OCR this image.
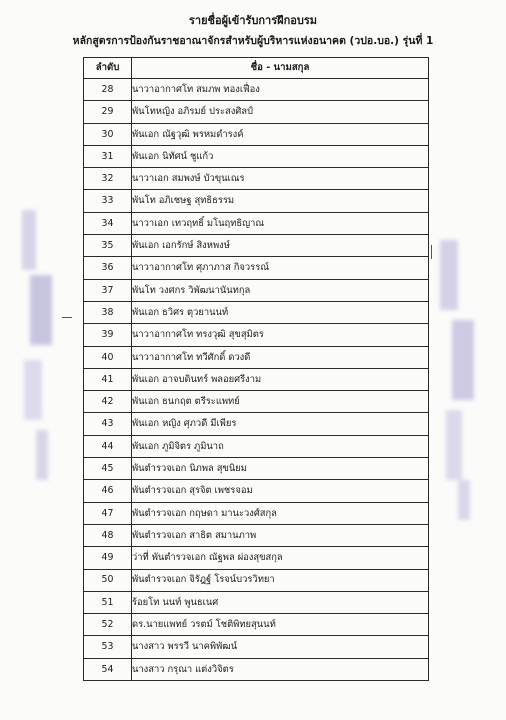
รายชื่อผู้เข้ารับการฝึกอบรม
หลักสูตรการป้องกันราชอาณาจักรสำหรับผู้บริหารแห่งอนาคต (วปอ.บอ.) รุ่นที่ 1
ลำดับ	ชื่อ - นามสกุล
28	นาวาอากาศโท สมภพ ทองเฟื่อง
29	พันโทหญิง อภิรมย์ ประสงศิลป์
30	พันเอก ณัฐวุฒิ พรหมดำรงค์
31	พันเอก นิทัศน์ ชูแก้ว
32	นาวาเอก สมพงษ์ บัวขุนเณร
33	พันโท อภิเชษฐ สุทธิธรรม
34	นาวาเอก เทวฤทธิ์ มโนฤทธิญาณ
35	พันเอก เอกรักษ์ สิงหพงษ์
36	นาวาอากาศโท ศุภาภาส กิจวรรณ์
37	พันโท วงศกร วิพัฒนานันทกุล
38	พันเอก ธวิศร ตุวยานนท์
39	นาวาอากาศโท ทรงวุฒิ สุขสุมิตร
40	นาวาอากาศโท ทวีศักดิ์ ดวงดี
41	พันเอก อาจบดินทร์ พลอยศรีงาม
42	พันเอก ธนกฤต ตรีระแพทย์
43	พันเอก หญิง ศุภวดี มีเพียร
44	พันเอก ภูมิจิตร ภูมินาถ
45	พันตำรวจเอก นิภพล สุขนิยม
46	พันตำรวจเอก สุรจิต เพชรจอม
47	พันตำรวจเอก กฤษดา มานะวงศ์สกุล
48	พันตำรวจเอก สาธิต สมานภาพ
49	ว่าที่ พันตำรวจเอก ณัฐพล ผ่องสุขสกุล
50	พันตำรวจเอก จิรัฎฐ์ โรจน์บวรวิทยา
51	ร้อยโท นนท์ พูนธเนศ
52	ดร.นายแพทย์ วรตม์ โชติพิทยสุนนท์
53	นางสาว พรรวี นาคพิพัฒน์
54	นางสาว กรุณา แต่งวิจิตร
